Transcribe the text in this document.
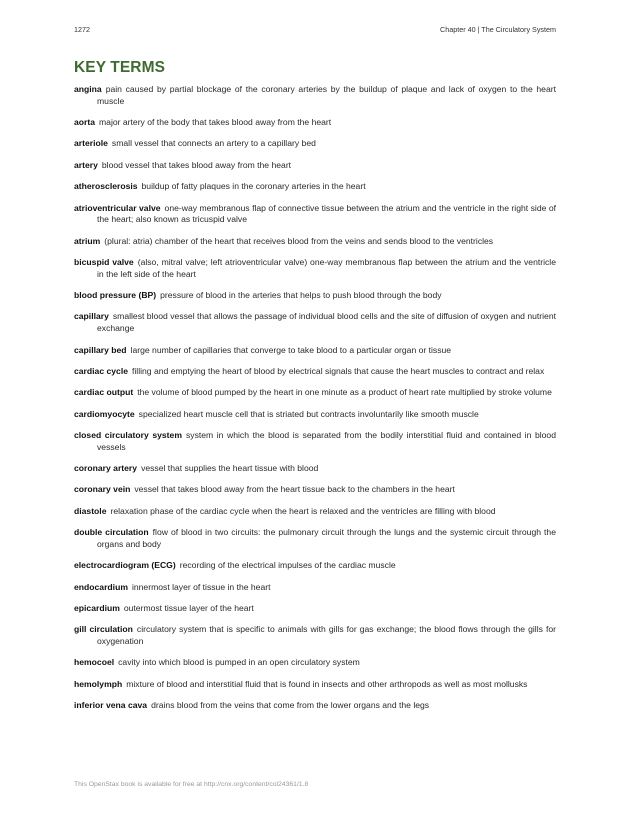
1272	Chapter 40 | The Circulatory System
KEY TERMS

angina pain caused by partial blockage of the coronary arteries by the buildup of plaque and lack of oxygen to the heart muscle

aorta major artery of the body that takes blood away from the heart

arteriole small vessel that connects an artery to a capillary bed

artery blood vessel that takes blood away from the heart

atherosclerosis buildup of fatty plaques in the coronary arteries in the heart

atrioventricular valve one-way membranous flap of connective tissue between the atrium and the ventricle in the right side of the heart; also known as tricuspid valve

atrium (plural: atria) chamber of the heart that receives blood from the veins and sends blood to the ventricles

bicuspid valve (also, mitral valve; left atrioventricular valve) one-way membranous flap between the atrium and the ventricle in the left side of the heart

blood pressure (BP) pressure of blood in the arteries that helps to push blood through the body

capillary smallest blood vessel that allows the passage of individual blood cells and the site of diffusion of oxygen and nutrient exchange

capillary bed large number of capillaries that converge to take blood to a particular organ or tissue

cardiac cycle filling and emptying the heart of blood by electrical signals that cause the heart muscles to contract and relax

cardiac output the volume of blood pumped by the heart in one minute as a product of heart rate multiplied by stroke volume

cardiomyocyte specialized heart muscle cell that is striated but contracts involuntarily like smooth muscle

closed circulatory system system in which the blood is separated from the bodily interstitial fluid and contained in blood vessels

coronary artery vessel that supplies the heart tissue with blood

coronary vein vessel that takes blood away from the heart tissue back to the chambers in the heart

diastole relaxation phase of the cardiac cycle when the heart is relaxed and the ventricles are filling with blood

double circulation flow of blood in two circuits: the pulmonary circuit through the lungs and the systemic circuit through the organs and body

electrocardiogram (ECG) recording of the electrical impulses of the cardiac muscle

endocardium innermost layer of tissue in the heart

epicardium outermost tissue layer of the heart

gill circulation circulatory system that is specific to animals with gills for gas exchange; the blood flows through the gills for oxygenation

hemocoel cavity into which blood is pumped in an open circulatory system

hemolymph mixture of blood and interstitial fluid that is found in insects and other arthropods as well as most mollusks

inferior vena cava drains blood from the veins that come from the lower organs and the legs

This OpenStax book is available for free at http://cnx.org/content/col24361/1.8
